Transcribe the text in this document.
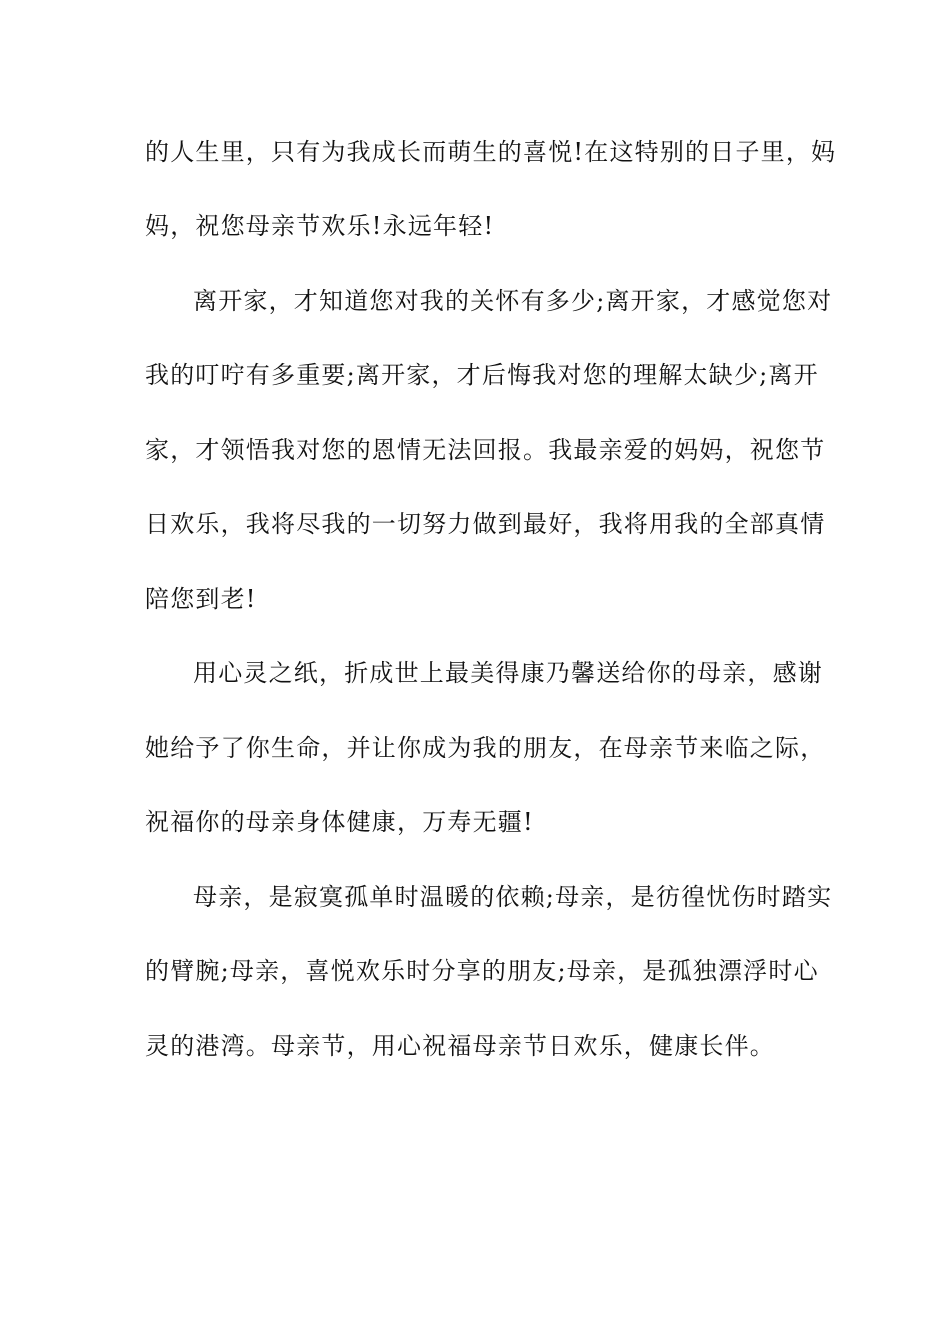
的人生里，只有为我成长而萌生的喜悦!在这特别的日子里，妈
妈，祝您母亲节欢乐!永远年轻!
离开家，才知道您对我的关怀有多少;离开家，才感觉您对
我的叮咛有多重要;离开家，才后悔我对您的理解太缺少;离开
家，才领悟我对您的恩情无法回报。我最亲爱的妈妈，祝您节
日欢乐，我将尽我的一切努力做到最好，我将用我的全部真情
陪您到老!
用心灵之纸，折成世上最美得康乃馨送给你的母亲，感谢
她给予了你生命，并让你成为我的朋友，在母亲节来临之际，
祝福你的母亲身体健康，万寿无疆!
母亲，是寂寞孤单时温暖的依赖;母亲，是彷徨忧伤时踏实
的臂腕;母亲，喜悦欢乐时分享的朋友;母亲，是孤独漂浮时心
灵的港湾。母亲节，用心祝福母亲节日欢乐，健康长伴。
